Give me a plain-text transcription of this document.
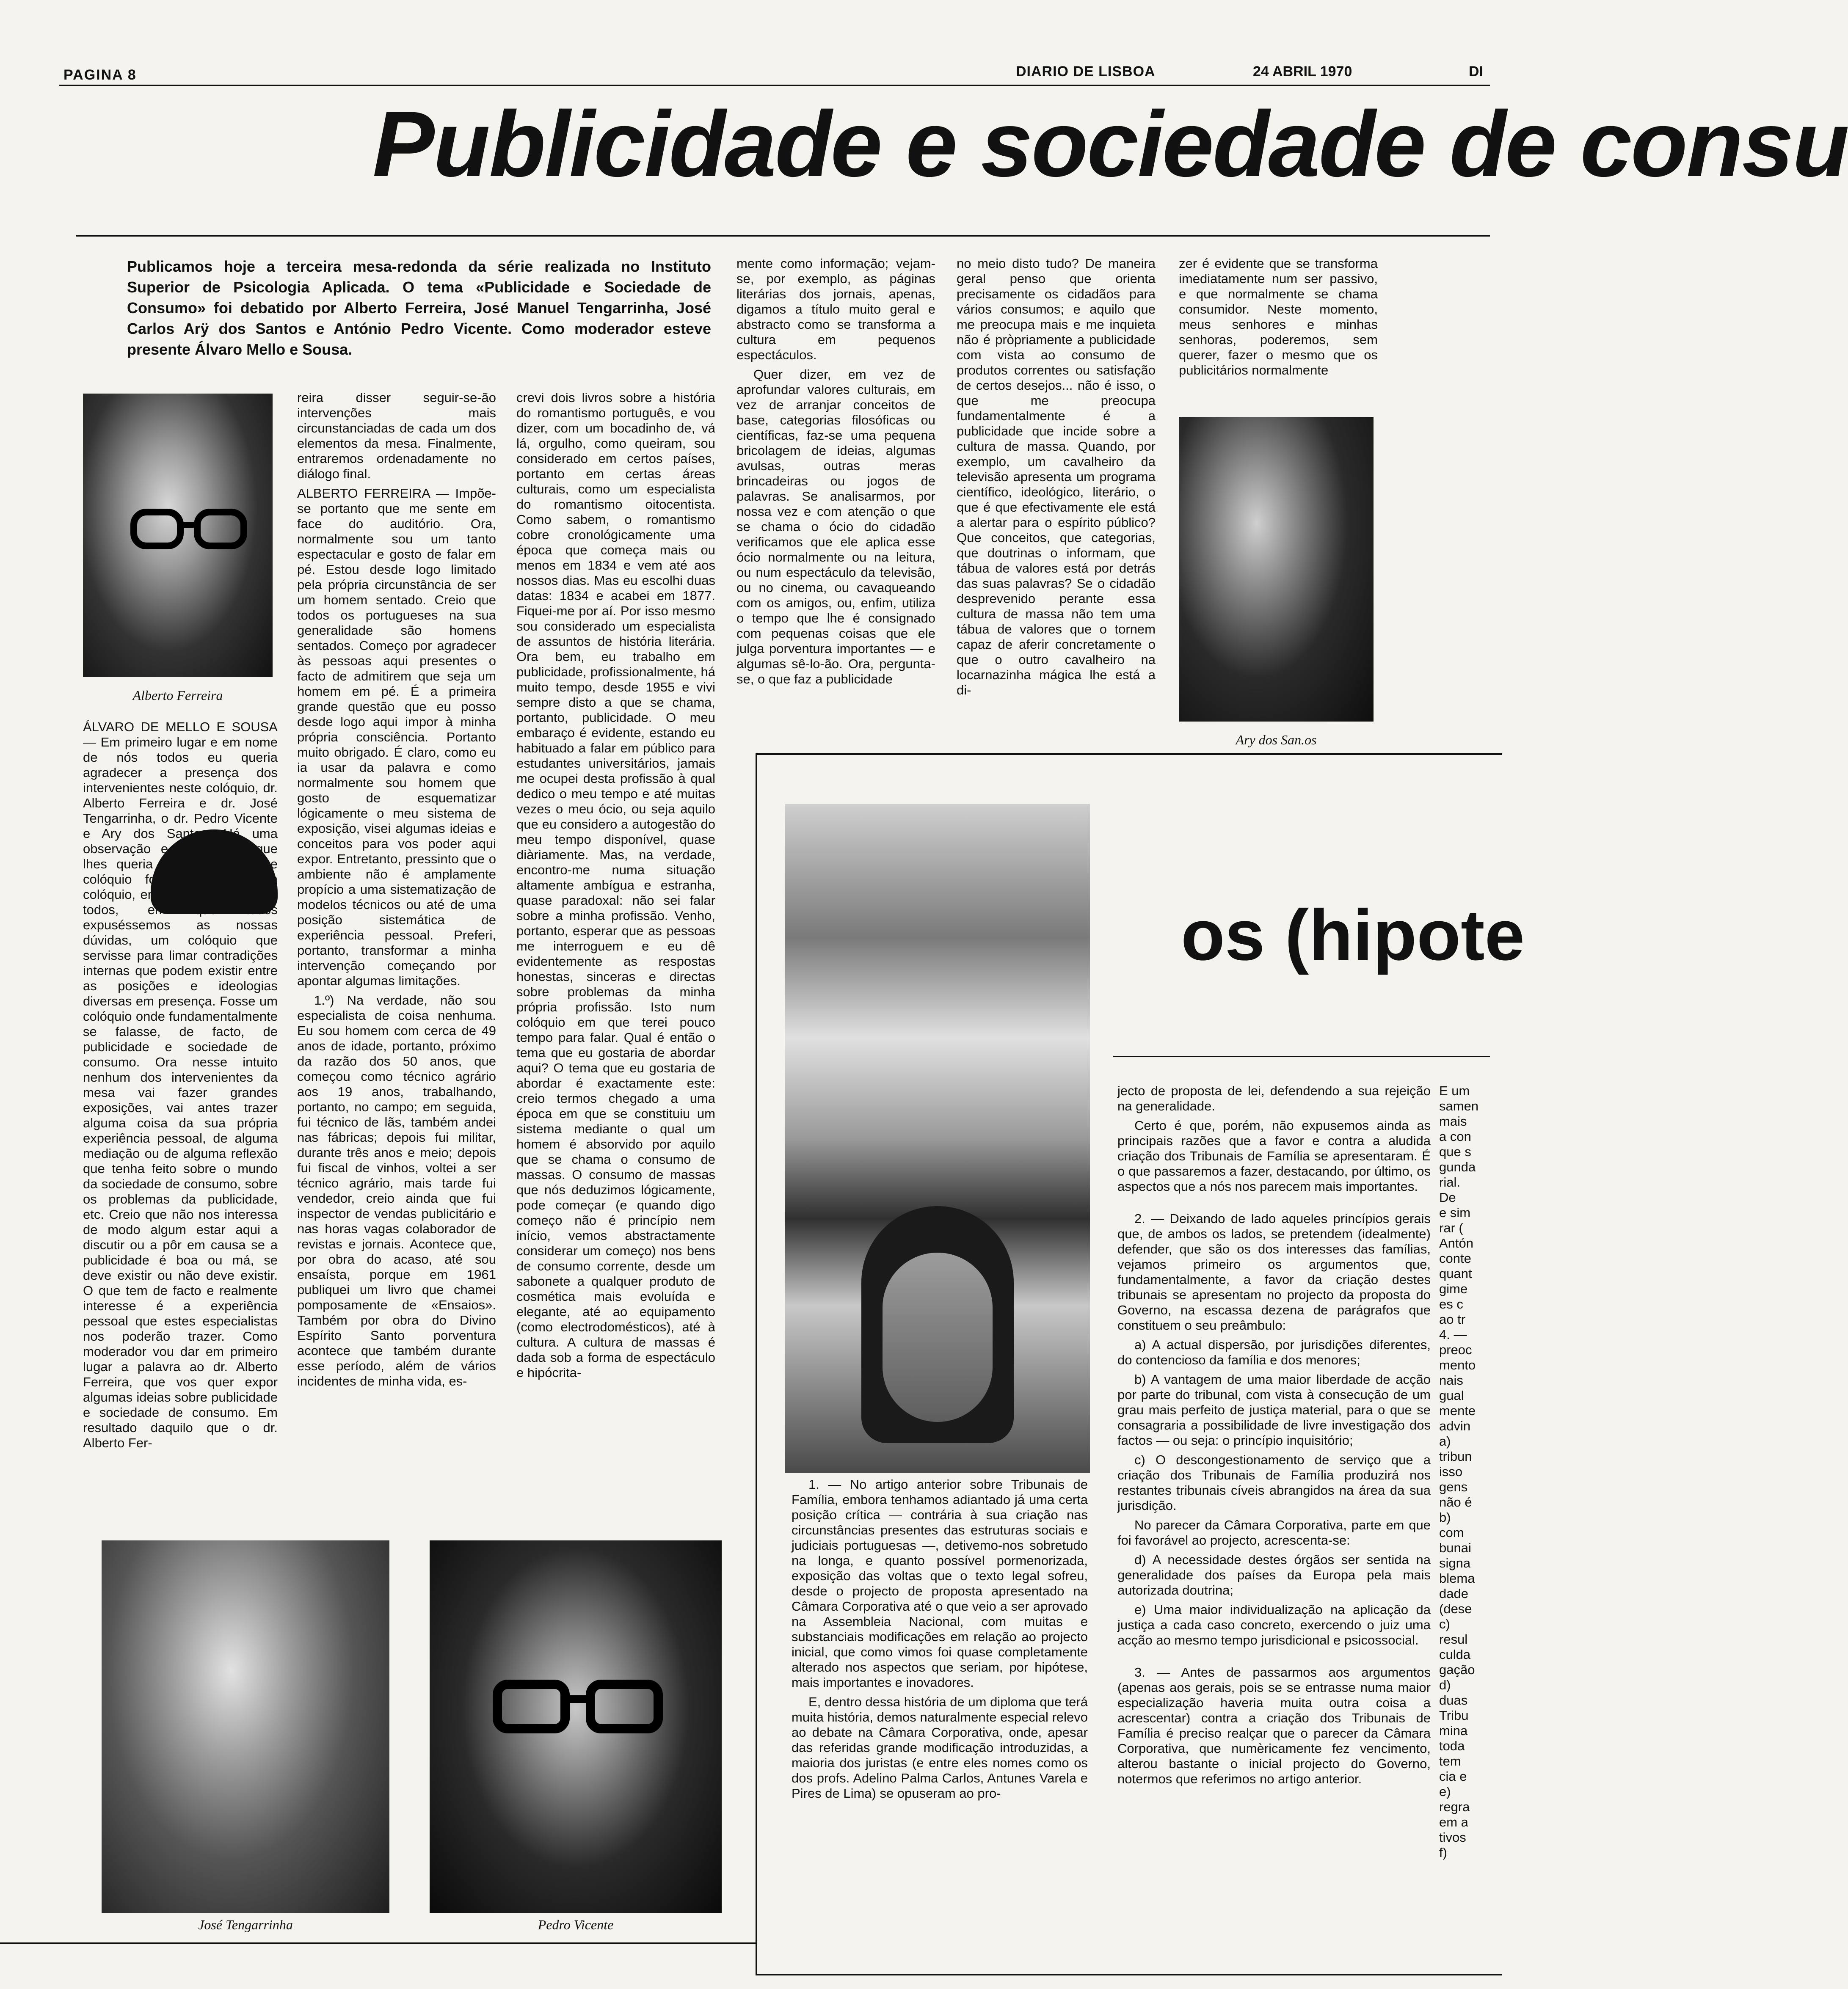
PAGINA 8	DIARIO DE LISBOA	24 ABRIL 1970	DI
Publicidade e sociedade de consu
Publicamos hoje a terceira mesa-redonda da série realizada no Instituto Superior de Psicologia Aplicada. O tema «Publicidade e Sociedade de Consumo» foi debatido por Alberto Ferreira, José Manuel Tengarrinha, José Carlos Arÿ dos Santos e António Pedro Vicente. Como moderador esteve presente Álvaro Mello e Sousa.
Alberto Ferreira

ÁLVARO DE MELLO E SOUSA — Em primeiro lugar e em nome de nós todos eu queria agradecer a presença dos intervenientes neste colóquio, dr. Alberto Ferreira e dr. José Tengarrinha, o dr. Pedro Vicente e Ary dos Santos. Há uma observação e um pedido que lhes queria fazer. É que este colóquio fosse de facto um colóquio, em que interviéssemos todos, em que todos expuséssemos as nossas dúvidas, um colóquio que servisse para limar contradições internas que podem existir entre as posições e ideologias diversas em presença. Fosse um colóquio onde fundamentalmente se falasse, de facto, de publicidade e sociedade de consumo. Ora nesse intuito nenhum dos intervenientes da mesa vai fazer grandes exposições, vai antes trazer alguma coisa da sua própria experiência pessoal, de alguma mediação ou de alguma reflexão que tenha feito sobre o mundo da sociedade de consumo, sobre os problemas da publicidade, etc. Creio que não nos interessa de modo algum estar aqui a discutir ou a pôr em causa se a publicidade é boa ou má, se deve existir ou não deve existir. O que tem de facto e realmente interesse é a experiência pessoal que estes especialistas nos poderão trazer. Como moderador vou dar em primeiro lugar a palavra ao dr. Alberto Ferreira, que vos quer expor algumas ideias sobre publicidade e sociedade de consumo. Em resultado daquilo que o dr. Alberto Fer-

reira disser seguir-se-ão intervenções mais circunstanciadas de cada um dos elementos da mesa. Finalmente, entraremos ordenadamente no diálogo final.

ALBERTO FERREIRA — Impõe-se portanto que me sente em face do auditório. Ora, normalmente sou um tanto espectacular e gosto de falar em pé. Estou desde logo limitado pela própria circunstância de ser um homem sentado. Creio que todos os portugueses na sua generalidade são homens sentados. Começo por agradecer às pessoas aqui presentes o facto de admitirem que seja um homem em pé. É a primeira grande questão que eu posso desde logo aqui impor à minha própria consciência. Portanto muito obrigado. É claro, como eu ia usar da palavra e como normalmente sou homem que gosto de esquematizar lógicamente o meu sistema de exposição, visei algumas ideias e conceitos para vos poder aqui expor. Entretanto, pressinto que o ambiente não é amplamente propício a uma sistematização de modelos técnicos ou até de uma posição sistemática de experiência pessoal. Preferi, portanto, transformar a minha intervenção começando por apontar algumas limitações.

1.º) Na verdade, não sou especialista de coisa nenhuma. Eu sou homem com cerca de 49 anos de idade, portanto, próximo da razão dos 50 anos, que começou como técnico agrário aos 19 anos, trabalhando, portanto, no campo; em seguida, fui técnico de lãs, também andei nas fábricas; depois fui militar, durante três anos e meio; depois fui fiscal de vinhos, voltei a ser técnico agrário, mais tarde fui vendedor, creio ainda que fui inspector de vendas publicitário e nas horas vagas colaborador de revistas e jornais. Acontece que, por obra do acaso, até sou ensaísta, porque em 1961 publiquei um livro que chamei pomposamente de «Ensaios». Também por obra do Divino Espírito Santo porventura acontece que também durante esse período, além de vários incidentes de minha vida, es-

crevi dois livros sobre a história do romantismo português, e vou dizer, com um bocadinho de, vá lá, orgulho, como queiram, sou considerado em certos países, portanto em certas áreas culturais, como um especialista do romantismo oitocentista. Como sabem, o romantismo cobre cronológicamente uma época que começa mais ou menos em 1834 e vem até aos nossos dias. Mas eu escolhi duas datas: 1834 e acabei em 1877. Fiquei-me por aí. Por isso mesmo sou considerado um especialista de assuntos de história literária. Ora bem, eu trabalho em publicidade, profissionalmente, há muito tempo, desde 1955 e vivi sempre disto a que se chama, portanto, publicidade. O meu embaraço é evidente, estando eu habituado a falar em público para estudantes universitários, jamais me ocupei desta profissão à qual dedico o meu tempo e até muitas vezes o meu ócio, ou seja aquilo que eu considero a autogestão do meu tempo disponível, quase diàriamente. Mas, na verdade, encontro-me numa situação altamente ambígua e estranha, quase paradoxal: não sei falar sobre a minha profissão. Venho, portanto, esperar que as pessoas me interroguem e eu dê evidentemente as respostas honestas, sinceras e directas sobre problemas da minha própria profissão. Isto num colóquio em que terei pouco tempo para falar. Qual é então o tema que eu gostaria de abordar aqui? O tema que eu gostaria de abordar é exactamente este: creio termos chegado a uma época em que se constituiu um sistema mediante o qual um homem é absorvido por aquilo que se chama o consumo de massas. O consumo de massas que nós deduzimos lógicamente, pode começar (e quando digo começo não é princípio nem início, vemos abstractamente considerar um começo) nos bens de consumo corrente, desde um sabonete a qualquer produto de cosmética mais evoluída e elegante, até ao equipamento (como electrodomésticos), até à cultura. A cultura de massas é dada sob a forma de espectáculo e hipócrita-

mente como informação; vejam-se, por exemplo, as páginas literárias dos jornais, apenas, digamos a título muito geral e abstracto como se transforma a cultura em pequenos espectáculos.

Quer dizer, em vez de aprofundar valores culturais, em vez de arranjar conceitos de base, categorias filosóficas ou científicas, faz-se uma pequena bricolagem de ideias, algumas avulsas, outras meras brincadeiras ou jogos de palavras. Se analisarmos, por nossa vez e com atenção o que se chama o ócio do cidadão verificamos que ele aplica esse ócio normalmente ou na leitura, ou num espectáculo da televisão, ou no cinema, ou cavaqueando com os amigos, ou, enfim, utiliza o tempo que lhe é consignado com pequenas coisas que ele julga porventura importantes — e algumas sê-lo-ão. Ora, pergunta-se, o que faz a publicidade

no meio disto tudo? De maneira geral penso que orienta precisamente os cidadãos para vários consumos; e aquilo que me preocupa mais e me inquieta não é pròpriamente a publicidade com vista ao consumo de produtos correntes ou satisfação de certos desejos... não é isso, o que me preocupa fundamentalmente é a publicidade que incide sobre a cultura de massa. Quando, por exemplo, um cavalheiro da televisão apresenta um programa científico, ideológico, literário, o que é que efectivamente ele está a alertar para o espírito público? Que conceitos, que categorias, que doutrinas o informam, que tábua de valores está por detrás das suas palavras? Se o cidadão desprevenido perante essa cultura de massa não tem uma tábua de valores que o tornem capaz de aferir concretamente o que o outro cavalheiro na locarnazinha mágica lhe está a di-

zer é evidente que se transforma imediatamente num ser passivo, e que normalmente se chama consumidor. Neste momento, meus senhores e minhas senhoras, poderemos, sem querer, fazer o mesmo que os publicitários normalmente

Ary dos San.os
os (hipote

1. — No artigo anterior sobre Tribunais de Família, embora tenhamos adiantado já uma certa posição crítica — contrária à sua criação nas circunstâncias presentes das estruturas sociais e judiciais portuguesas —, detivemo-nos sobretudo na longa, e quanto possível pormenorizada, exposição das voltas que o texto legal sofreu, desde o projecto de proposta apresentado na Câmara Corporativa até o que veio a ser aprovado na Assembleia Nacional, com muitas e substanciais modificações em relação ao projecto inicial, que como vimos foi quase completamente alterado nos aspectos que seriam, por hipótese, mais importantes e inovadores.

E, dentro dessa história de um diploma que terá muita história, demos naturalmente especial relevo ao debate na Câmara Corporativa, onde, apesar das referidas grande modificação introduzidas, a maioria dos juristas (e entre eles nomes como os dos profs. Adelino Palma Carlos, Antunes Varela e Pires de Lima) se opuseram ao pro-

jecto de proposta de lei, defendendo a sua rejeição na generalidade.

Certo é que, porém, não expusemos ainda as principais razões que a favor e contra a aludida criação dos Tribunais de Família se apresentaram. É o que passaremos a fazer, destacando, por último, os aspectos que a nós nos parecem mais importantes.

2. — Deixando de lado aqueles princípios gerais que, de ambos os lados, se pretendem (idealmente) defender, que são os dos interesses das famílias, vejamos primeiro os argumentos que, fundamentalmente, a favor da criação destes tribunais se apresentam no projecto da proposta do Governo, na escassa dezena de parágrafos que constituem o seu preâmbulo:

a) A actual dispersão, por jurisdições diferentes, do contencioso da família e dos menores;

b) A vantagem de uma maior liberdade de acção por parte do tribunal, com vista à consecução de um grau mais perfeito de justiça material, para o que se consagraria a possibilidade de livre investigação dos factos — ou seja: o princípio inquisitório;

c) O descongestionamento de serviço que a criação dos Tribunais de Família produzirá nos restantes tribunais cíveis abrangidos na área da sua jurisdição.

No parecer da Câmara Corporativa, parte em que foi favorável ao projecto, acrescenta-se:

d) A necessidade destes órgãos ser sentida na generalidade dos países da Europa pela mais autorizada doutrina;

e) Uma maior individualização na aplicação da justiça a cada caso concreto, exercendo o juiz uma acção ao mesmo tempo jurisdicional e psicossocial.

3. — Antes de passarmos aos argumentos (apenas aos gerais, pois se se entrasse numa maior especialização haveria muita outra coisa a acrescentar) contra a criação dos Tribunais de Família é preciso realçar que o parecer da Câmara Corporativa, que numèricamente fez vencimento, alterou bastante o inicial projecto do Governo, notermos que referimos no artigo anterior.

E um
samen
mais
a con
que s
gunda
rial.
De
e sim
rar (
Antón
conte
quant
gime
es c
ao tr
4. —
preoc
mento
nais
gual
mente
advin
a)
tribun
isso
gens
não é
b)
com
bunai
signa
blema
dade
(dese
c)
resul
culda
gação
d)
duas
Tribu
mina
toda
tem
cia e
e)
regra
em a
tivos
f)
José Tengarrinha	Pedro Vicente
